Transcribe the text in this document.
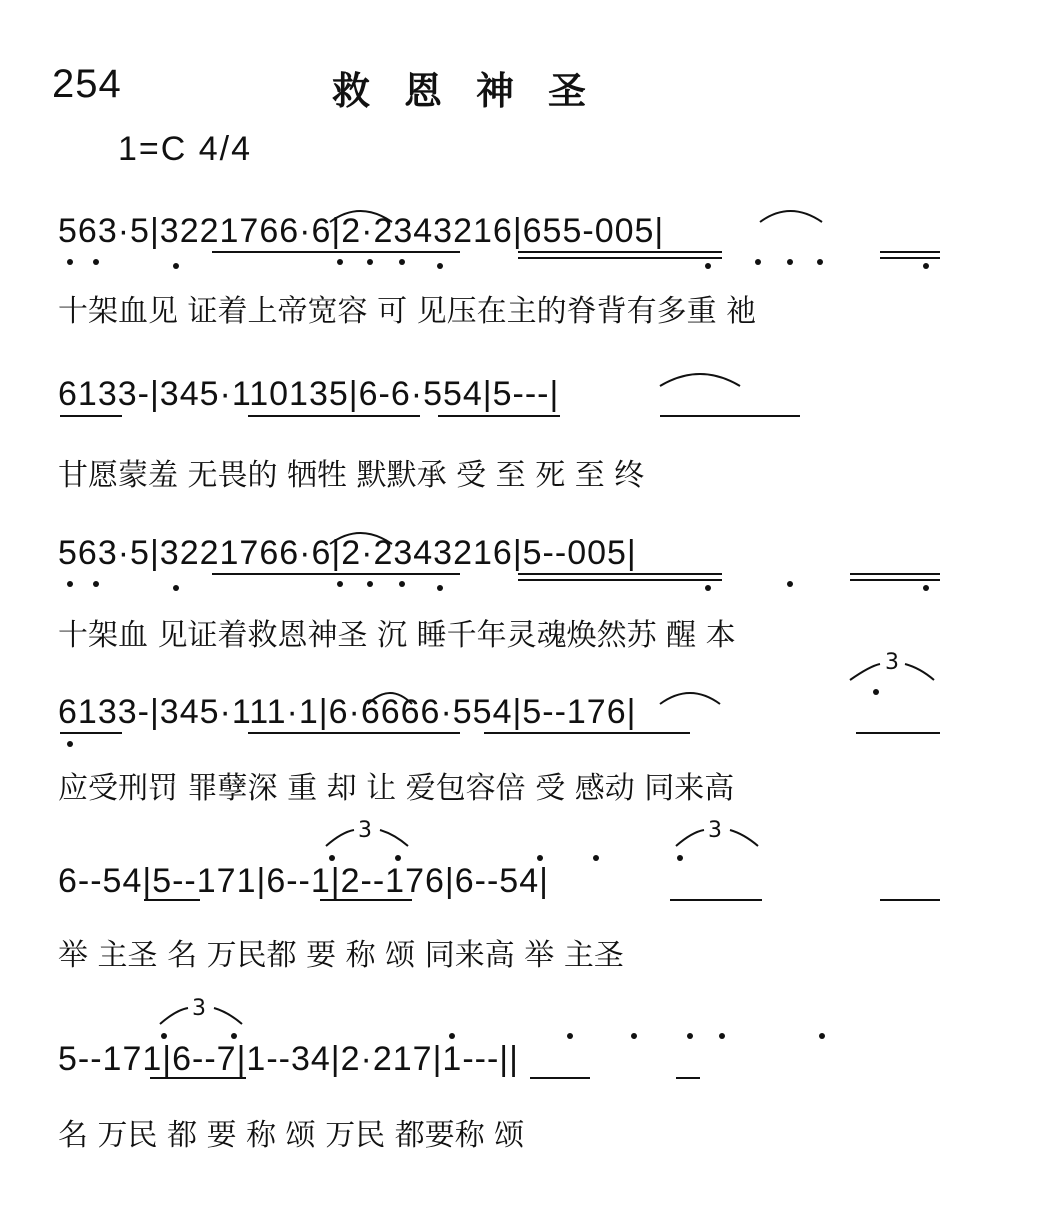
254	救恩神圣
1=C 4/4
563·5|3221766·6|2·2343216|655-005|
十架血见 证着上帝宽容 可 见压在主的脊背有多重 祂
6133-|345·110135|6-6·554|5---|
甘愿蒙羞 无畏的 牺牲 默默承 受 至 死 至 终
563·5|3221766·6|2·2343216|5--005|
十架血 见证着救恩神圣 沉 睡千年灵魂焕然苏 醒 本
6133-|345·111·1|6·6666·554|5--176|
应受刑罚 罪孽深 重 却 让 爱包容倍 受 感动 同来高
3
6--54|5--171|6--1|2--176|6--54|
举 主圣 名 万民都 要 称 颂 同来高 举 主圣
3	3
5--171|6--7|1--34|2·217|1---||
名 万民 都 要 称 颂 万民 都要称 颂
3
